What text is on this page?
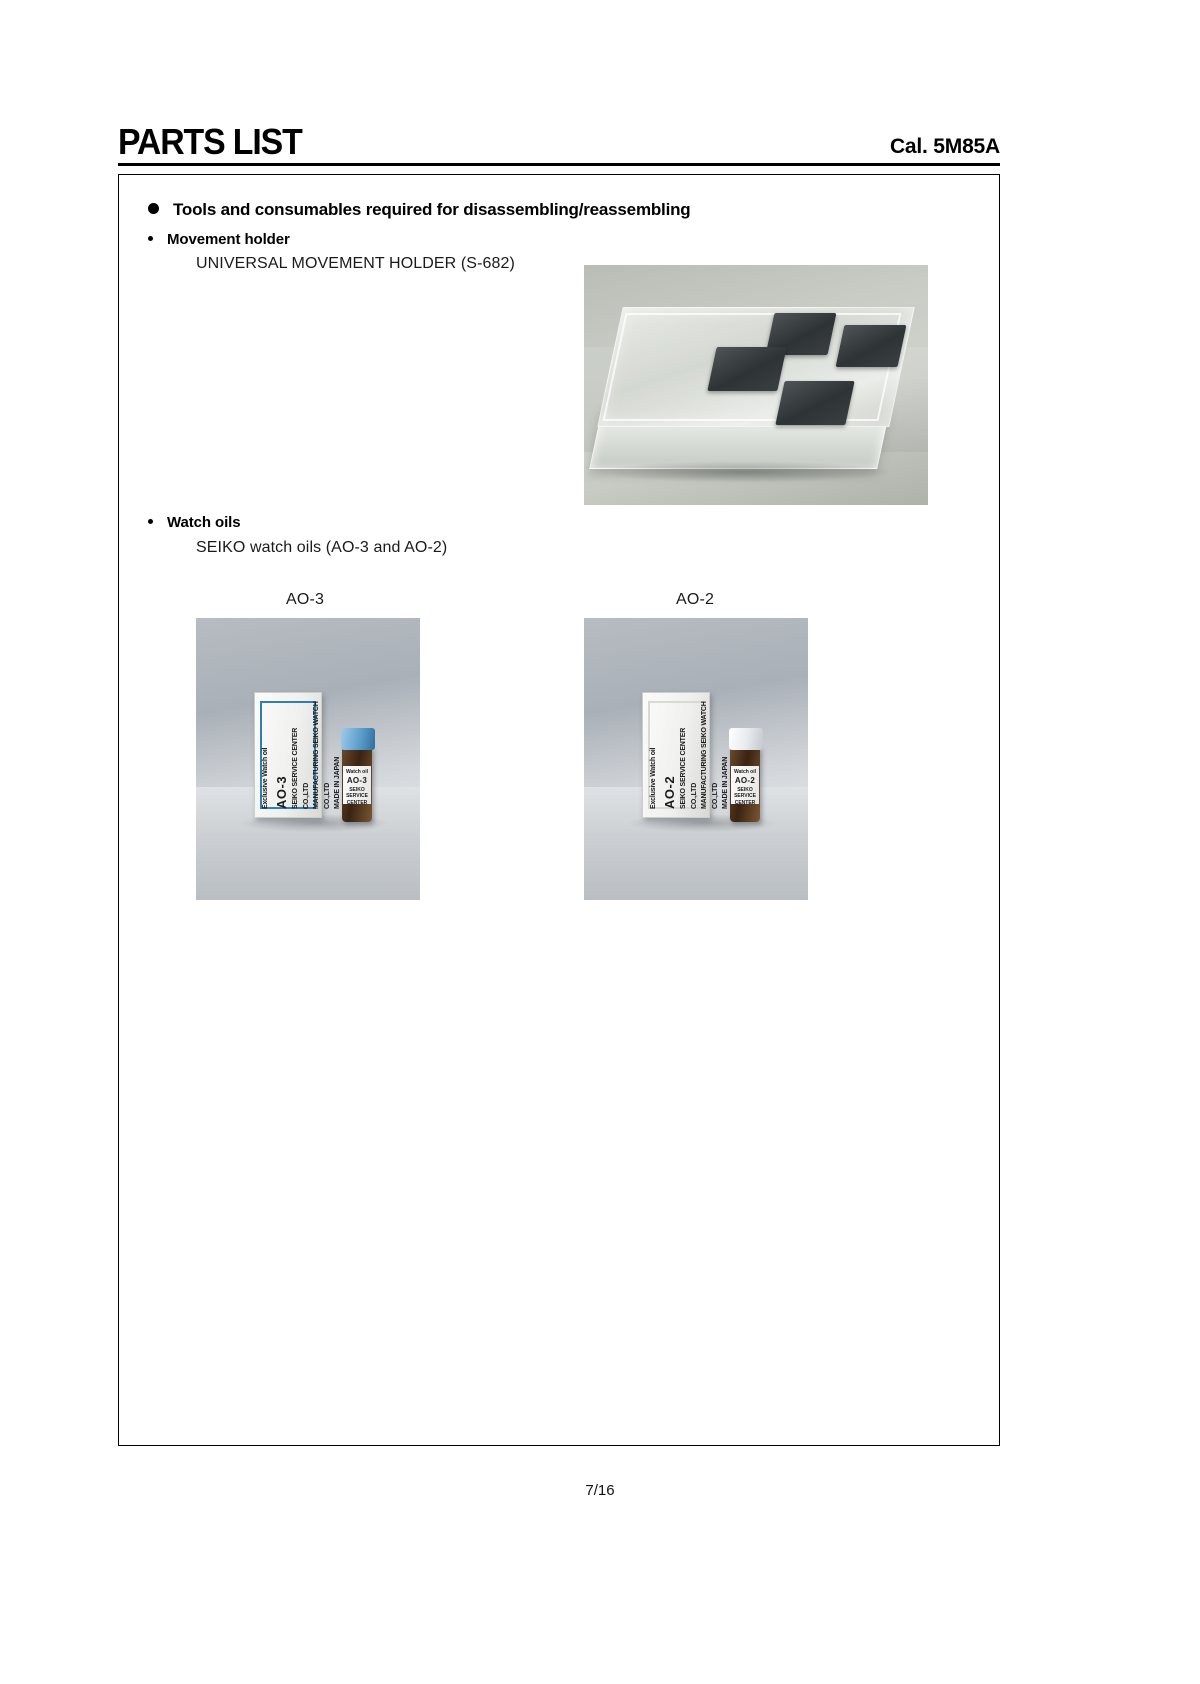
PARTS LIST	Cal. 5M85A
Tools and consumables required for disassembling/reassembling
Movement holder
UNIVERSAL MOVEMENT HOLDER (S-682)
Watch oils
SEIKO watch oils (AO-3 and AO-2)
AO-3	AO-2
Exclusive Watch oil AO-3 SEIKO SERVICE CENTER CO.,LTD MANUFACTURING SEIKO WATCH CO.,LTD MADE IN JAPAN Watch oil
AO-3
SEIKO SERVICE CENTER	Exclusive Watch oil AO-2 SEIKO SERVICE CENTER CO.,LTD MANUFACTURING SEIKO WATCH CO.,LTD MADE IN JAPAN Watch oil
AO-2
SEIKO SERVICE CENTER
7/16
